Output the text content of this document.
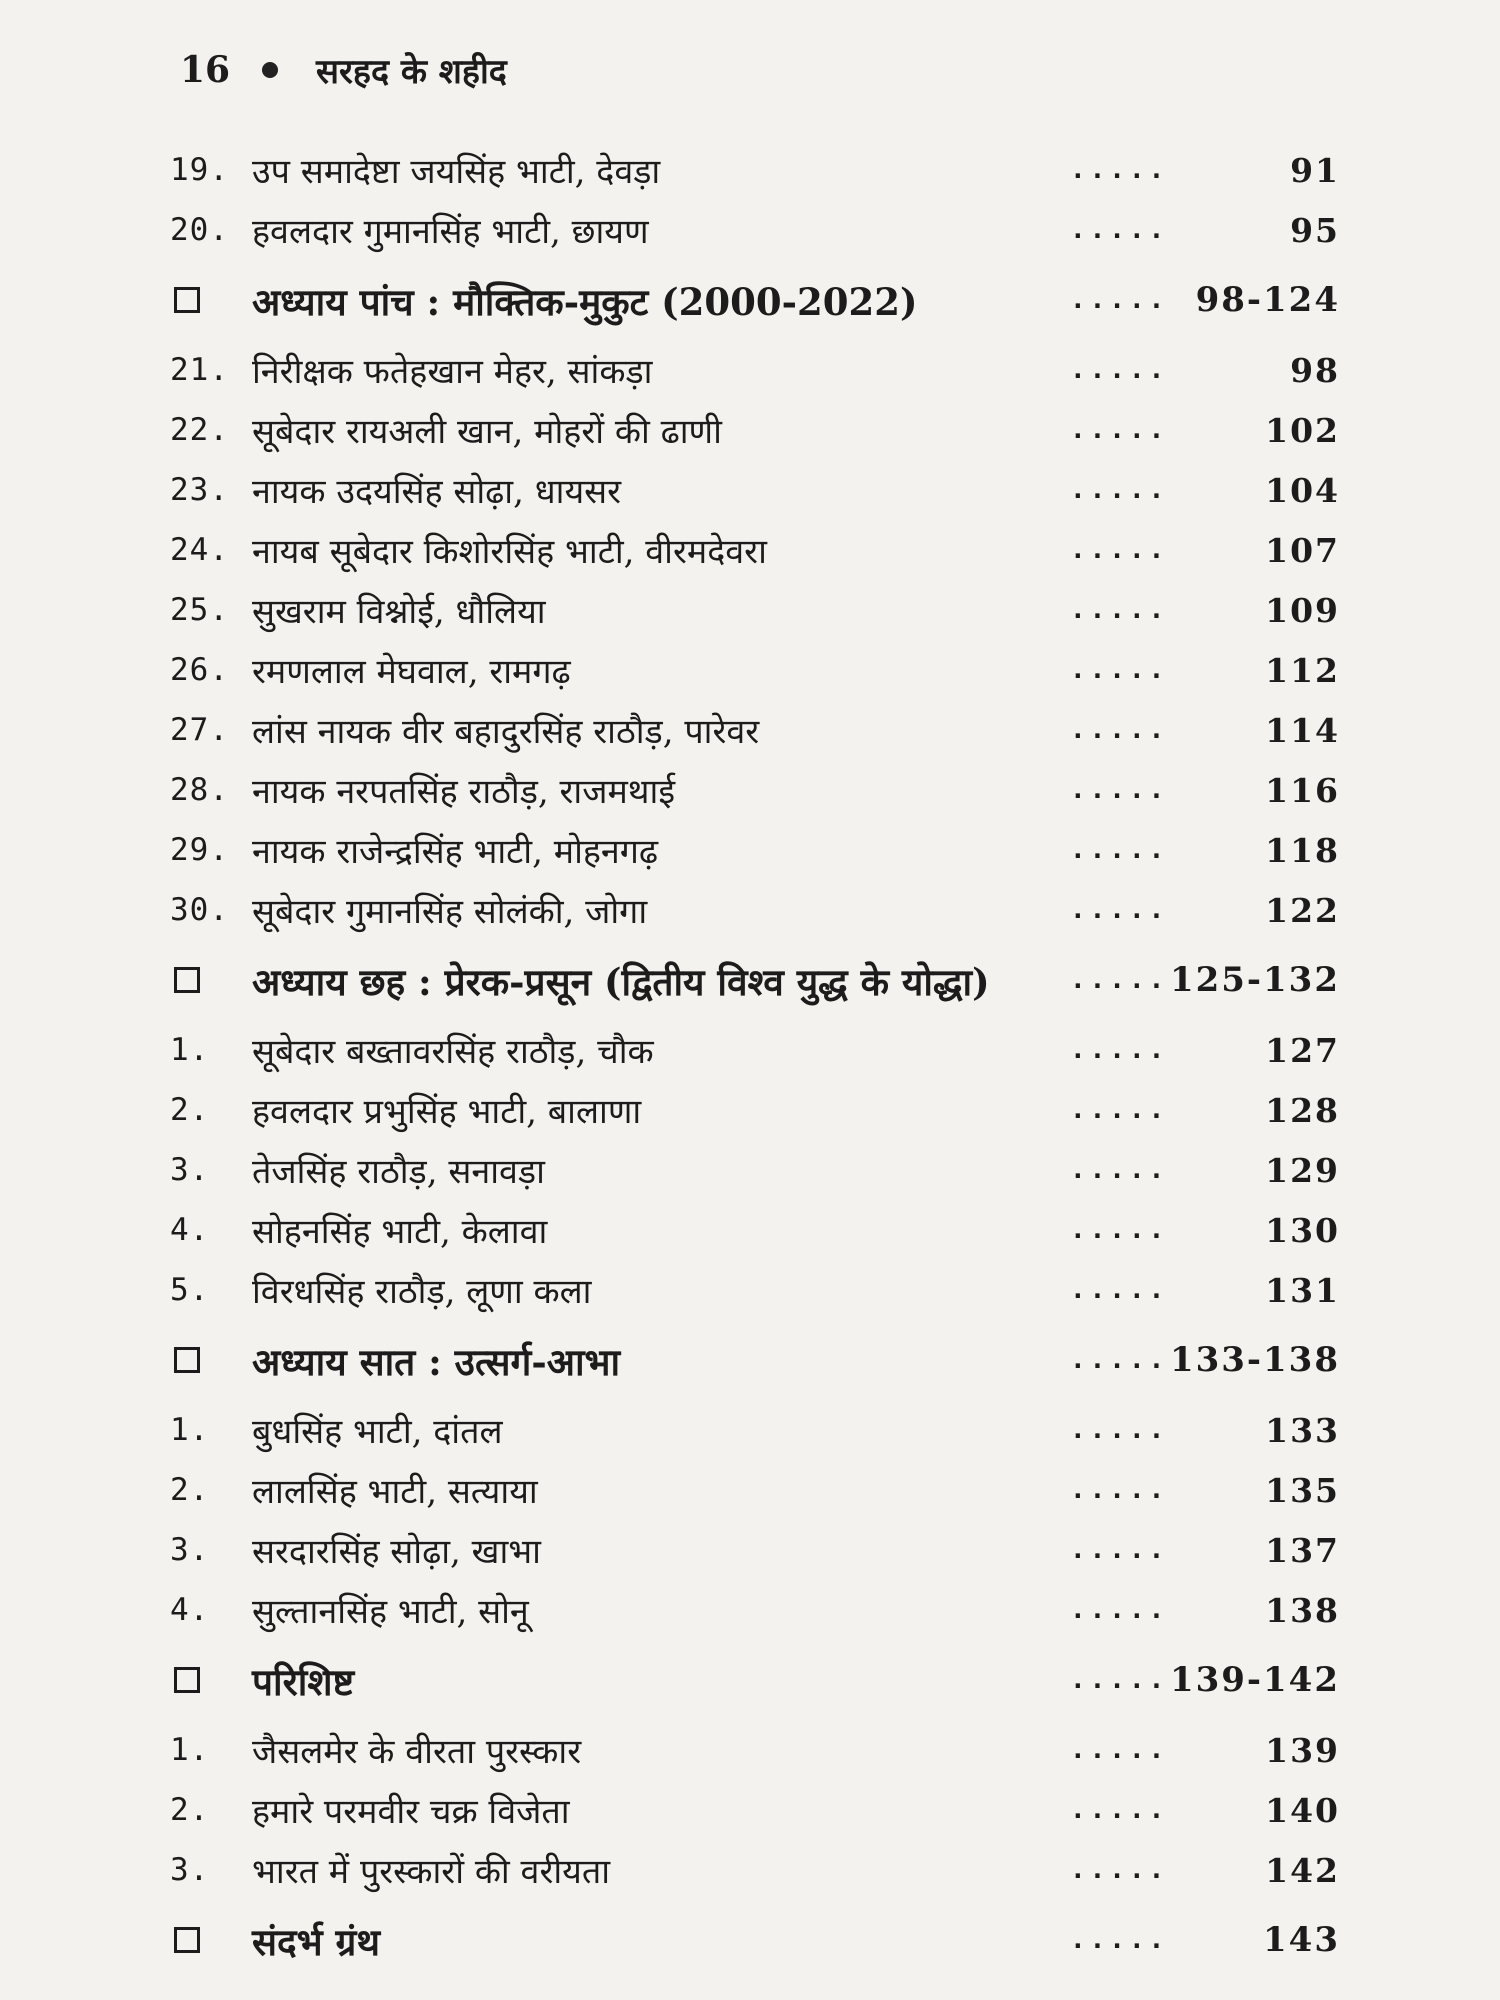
16	सरहद के शहीद
19. उप समादेष्टा जयसिंह भाटी, देवड़ा	.....	91
20. हवलदार गुमानसिंह भाटी, छायण	.....	95
अध्याय पांच : मौक्तिक-मुकुट (2000-2022)	..... 98-124
21. निरीक्षक फतेहखान मेहर, सांकड़ा	.....	98
22. सूबेदार रायअली खान, मोहरों की ढाणी	.....	102
23. नायक उदयसिंह सोढ़ा, धायसर	.....	104
24. नायब सूबेदार किशोरसिंह भाटी, वीरमदेवरा	.....	107
25. सुखराम विश्नोई, धौलिया	.....	109
26. रमणलाल मेघवाल, रामगढ़	.....	112
27. लांस नायक वीर बहादुरसिंह राठौड़, पारेवर	.....	114
28. नायक नरपतसिंह राठौड़, राजमथाई	.....	116
29. नायक राजेन्द्रसिंह भाटी, मोहनगढ़	.....	118
30. सूबेदार गुमानसिंह सोलंकी, जोगा	.....	122
अध्याय छह : प्रेरक-प्रसून (द्वितीय विश्व युद्ध के योद्धा)	..... 125-132
1.	सूबेदार बख्तावरसिंह राठौड़, चौक	.....	127
2.	हवलदार प्रभुसिंह भाटी, बालाणा	.....	128
3.	तेजसिंह राठौड़, सनावड़ा	.....	129
4.	सोहनसिंह भाटी, केलावा	.....	130
5.	विरधसिंह राठौड़, लूणा कला	.....	131
अध्याय सात : उत्सर्ग-आभा	..... 133-138
1.	बुधसिंह भाटी, दांतल	.....	133
2.	लालसिंह भाटी, सत्याया	.....	135
3.	सरदारसिंह सोढ़ा, खाभा	.....	137
4.	सुल्तानसिंह भाटी, सोनू	.....	138
परिशिष्ट	..... 139-142
1.	जैसलमेर के वीरता पुरस्कार	.....	139
2.	हमारे परमवीर चक्र विजेता	.....	140
3.	भारत में पुरस्कारों की वरीयता	.....	142
संदर्भ ग्रंथ	.....	143
